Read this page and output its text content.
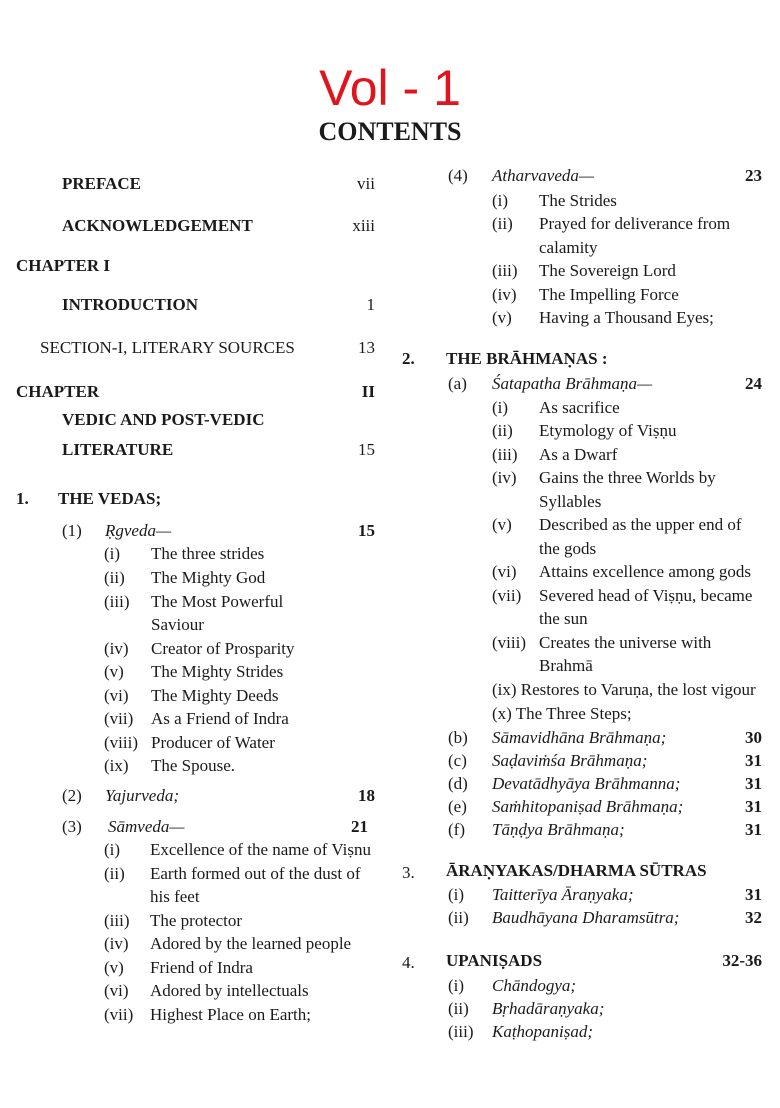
Vol - 1
CONTENTS
PREFACE	vii
ACKNOWLEDGEMENT	xiii
CHAPTER I
INTRODUCTION	1
SECTION-I, LITERARY SOURCES	13
CHAPTER	II
VEDIC AND POST-VEDIC
LITERATURE	15
1. THE VEDAS;
(1) Ṛgveda—	15
(i) The three strides
(ii) The Mighty God
(iii) The Most Powerful
Saviour
(iv) Creator of Prosparity
(v) The Mighty Strides
(vi) The Mighty Deeds
(vii) As a Friend of Indra
(viii) Producer of Water
(ix) The Spouse.
(2) Yajurveda;	18
(3) Sāmveda—	21
(i) Excellence of the name of Viṣnu
(ii) Earth formed out of the dust of
his feet
(iii) The protector
(iv) Adored by the learned people
(v) Friend of Indra
(vi) Adored by intellectuals
(vii) Highest Place on Earth;
(4) Atharvaveda—	23
(i) The Strides
(ii) Prayed for deliverance from
calamity
(iii) The Sovereign Lord
(iv) The Impelling Force
(v) Having a Thousand Eyes;
2. THE BRĀHMAṆAS :
(a) Śatapatha Brāhmaṇa—	24
(i) As sacrifice
(ii) Etymology of Viṣṇu
(iii) As a Dwarf
(iv) Gains the three Worlds by
Syllables
(v) Described as the upper end of
the gods
(vi) Attains excellence among gods
(vii) Severed head of Viṣṇu, became
the sun
(viii) Creates the universe with
Brahmā
(ix) Restores to Varuṇa, the lost vigour
(x) The Three Steps;
(b) Sāmavidhāna Brāhmaṇa;	30
(c) Saḍaviṁśa Brāhmaṇa;	31
(d) Devatādhyāya Brāhmanna;	31
(e) Saṁhitopaniṣad Brāhmaṇa;	31
(f) Tāṇḍya Brāhmaṇa;	31
3. ĀRAṆYAKAS/DHARMA SŪTRAS
(i) Taitterīya Āraṇyaka;	31
(ii) Baudhāyana Dharamsūtra;	32
4. UPANIṢADS	32-36
(i) Chāndogya;
(ii) Bṛhadāraṇyaka;
(iii) Kaṭhopaniṣad;
